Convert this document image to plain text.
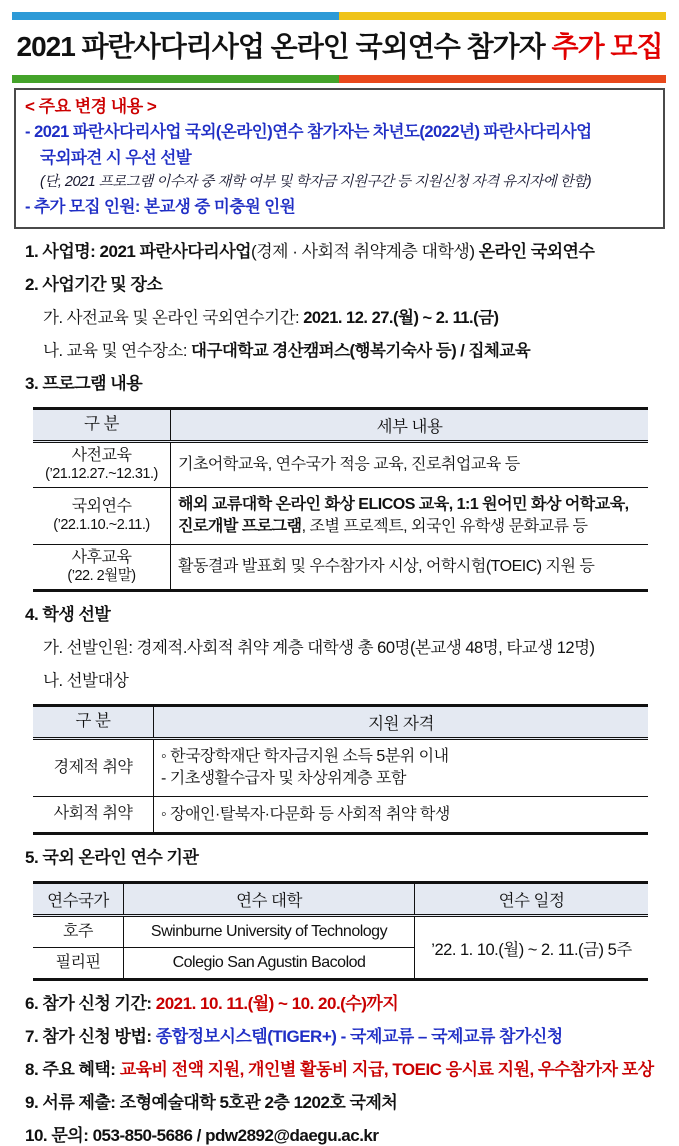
2021 파란사다리사업 온라인 국외연수 참가자 추가 모집
< 주요 변경 내용 >
- 2021 파란사다리사업 국외(온라인)연수 참가자는 차년도(2022년) 파란사다리사업
국외파견 시 우선 선발
(단, 2021 프로그램 이수자 중 재학 여부 및 학자금 지원구간 등 지원신청 자격 유지자에 한함)
- 추가 모집 인원: 본교생 중 미충원 인원
1. 사업명: 2021 파란사다리사업(경제 · 사회적 취약계층 대학생) 온라인 국외연수
2. 사업기간 및 장소
가. 사전교육 및 온라인 국외연수기간: 2021. 12. 27.(월) ~ 2. 11.(금)
나. 교육 및 연수장소: 대구대학교 경산캠퍼스(행복기숙사 등) / 집체교육
3. 프로그램 내용
구 분	세부 내용
사전교육
(’21.12.27.~12.31.)	기초어학교육, 연수국가 적응 교육, 진로취업교육 등
국외연수
(’22.1.10.~2.11.)	해외 교류대학 온라인 화상 ELICOS 교육, 1:1 원어민 화상 어학교육, 진로개발 프로그램, 조별 프로젝트, 외국인 유학생 문화교류 등
사후교육
(’22. 2월말)	활동결과 발표회 및 우수참가자 시상, 어학시험(TOEIC) 지원 등
4. 학생 선발
가. 선발인원: 경제적.사회적 취약 계층 대학생 총 60명(본교생 48명, 타교생 12명)
나. 선발대상
구 분	지원 자격
경제적 취약	◦ 한국장학재단 학자금지원 소득 5분위 이내
- 기초생활수급자 및 차상위계층 포함

사회적 취약	◦ 장애인·탈북자·다문화 등 사회적 취약 학생
5. 국외 온라인 연수 기관
연수국가	연수 대학	연수 일정
호주	Swinburne University of Technology	’22. 1. 10.(월) ~ 2. 11.(금) 5주
필리핀	Colegio San Agustin Bacolod	
6. 참가 신청 기간: 2021. 10. 11.(월) ~ 10. 20.(수)까지
7. 참가 신청 방법: 종합정보시스템(TIGER+) - 국제교류 – 국제교류 참가신청
8. 주요 혜택: 교육비 전액 지원, 개인별 활동비 지급, TOEIC 응시료 지원, 우수참가자 포상
9. 서류 제출: 조형예술대학 5호관 2층 1202호 국제처
10. 문의: 053-850-5686 / pdw2892@daegu.ac.kr
